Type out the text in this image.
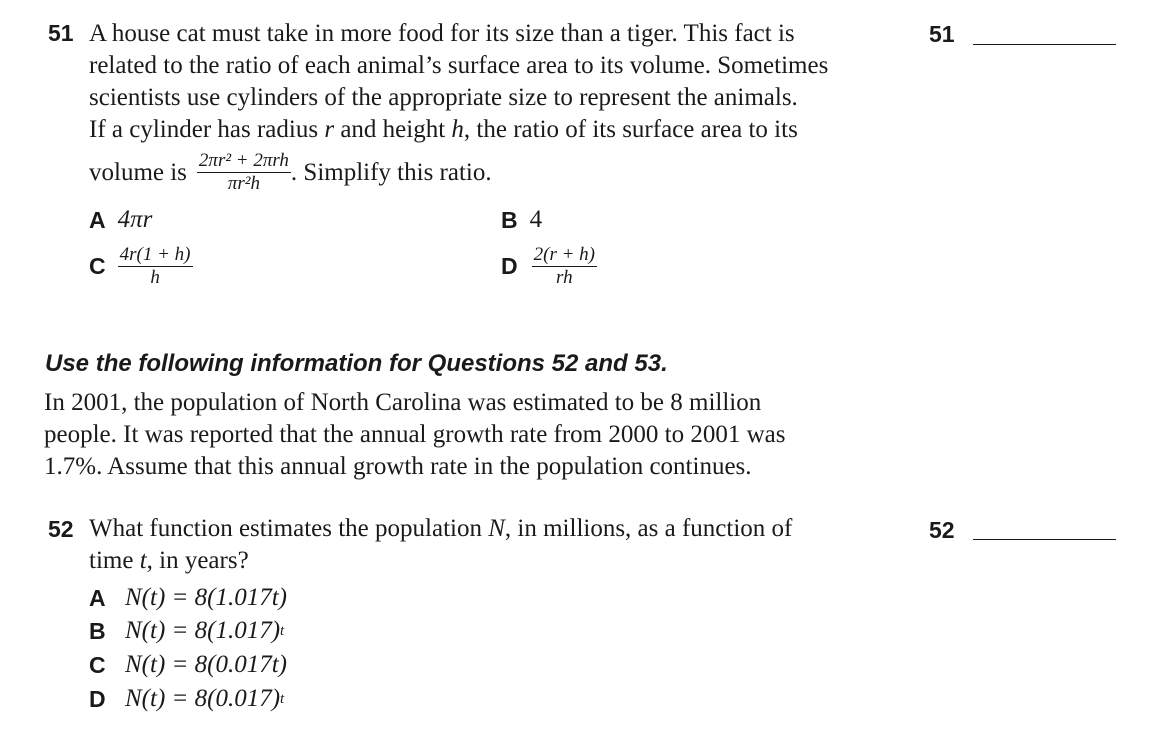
51 A house cat must take in more food for its size than a tiger. This fact is
related to the ratio of each animal’s surface area to its volume. Sometimes
scientists use cylinders of the appropriate size to represent the animals.
If a cylinder has radius r and height h, the ratio of its surface area to its
volume is $\frac{\text{2πr² + 2πrh}}{\text{πr²h}}$ . Simplify this ratio.
A 4πr	B 4
C $\frac{4r(1 + h)}{h}$	D $\frac{2(r + h)}{rh}$
51
Use the following information for Questions 52 and 53.
In 2001, the population of North Carolina was estimated to be 8 million
people. It was reported that the annual growth rate from 2000 to 2001 was
1.7%. Assume that this annual growth rate in the population continues.
52 What function estimates the population N, in millions, as a function of
time t, in years?
A N(t) = 8(1.017t)
B N(t) = 8(1.017) t
C N(t) = 8(0.017t)
D N(t) = 8(0.017) t
52
